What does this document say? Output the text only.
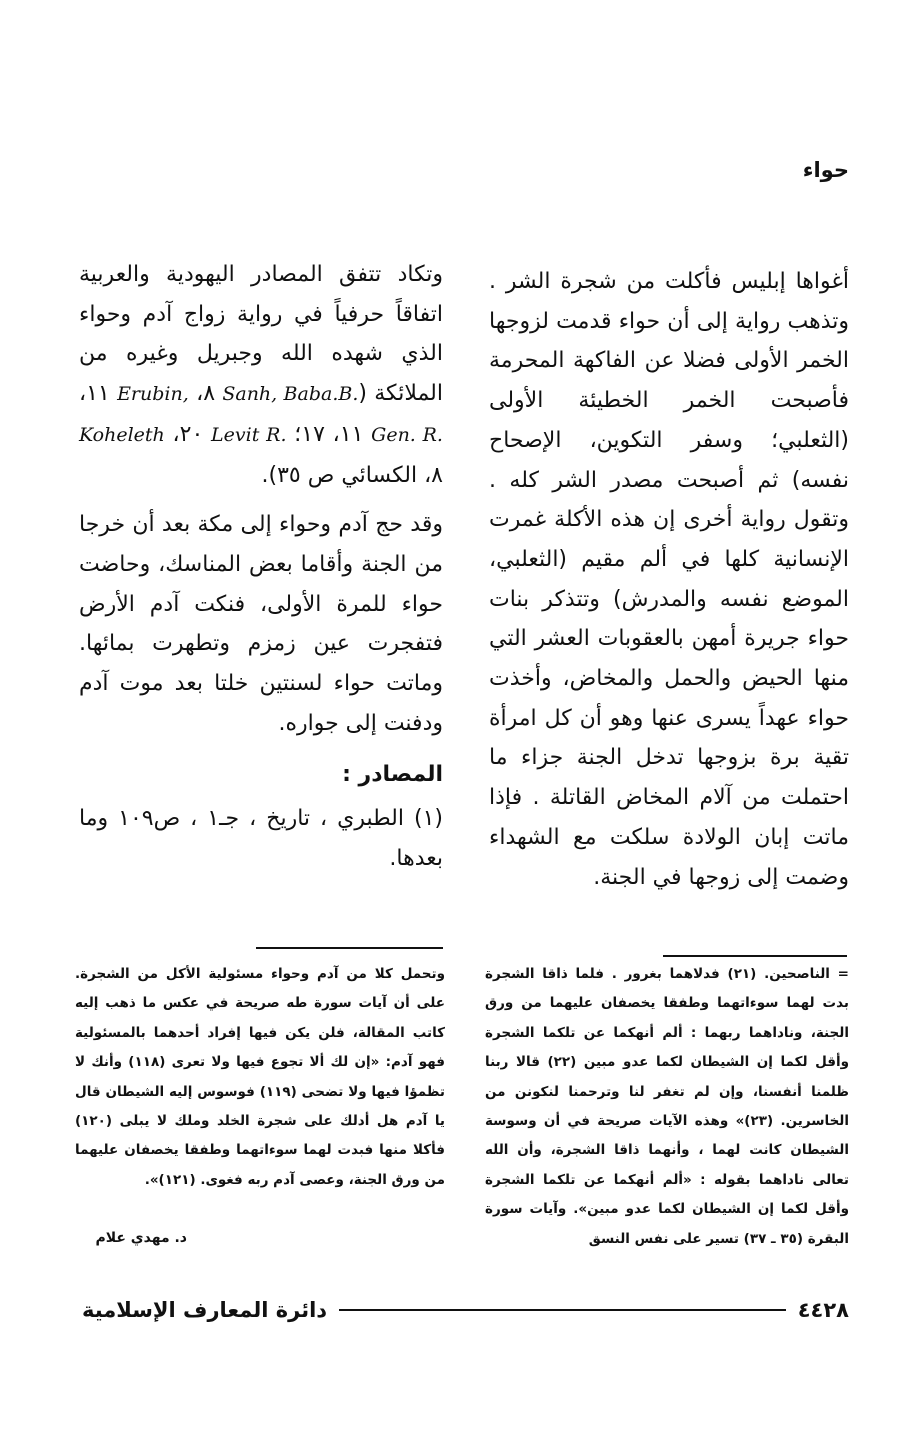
حواء

أغواها إبليس فأكلت من شجرة الشر . وتذهب رواية إلى أن حواء قدمت لزوجها الخمر الأولى فضلا عن الفاكهة المحرمة فأصبحت الخمر الخطيئة الأولى (الثعلبي؛ وسفر التكوين، الإصحاح نفسه) ثم أصبحت مصدر الشر كله . وتقول رواية أخرى إن هذه الأكلة غمرت الإنسانية كلها في ألم مقيم (الثعلبي، الموضع نفسه والمدرش) وتتذكر بنات حواء جريرة أمهن بالعقوبات العشر التي منها الحيض والحمل والمخاض، وأخذت حواء عهداً يسرى عنها وهو أن كل امرأة تقية برة بزوجها تدخل الجنة جزاء ما احتملت من آلام المخاض القاتلة . فإذا ماتت إبان الولادة سلكت مع الشهداء وضمت إلى زوجها في الجنة.

وتكاد تتفق المصادر اليهودية والعربية اتفاقاً حرفياً في رواية زواج آدم وحواء الذي شهده الله وجبريل وغيره من الملائكة (Sanh, Baba.B. ٨، Erubin, ١١، Gen. R. ١١، ١٧؛ Levit R. ٢٠، Koheleth ٨، الكسائي ص ٣٥).

وقد حج آدم وحواء إلى مكة بعد أن خرجا من الجنة وأقاما بعض المناسك، وحاضت حواء للمرة الأولى، فنكت آدم الأرض فتفجرت عين زمزم وتطهرت بمائها. وماتت حواء لسنتين خلتا بعد موت آدم ودفنت إلى جواره.

المصادر :

(١) الطبري ، تاريخ ، جـ١ ، ص١٠٩ وما بعدها.

= الناصحين. (٢١) فدلاهما بغرور . فلما ذاقا الشجرة بدت لهما سوءاتهما وطفقا يخصفان عليهما من ورق الجنة، وناداهما ربهما : ألم أنهكما عن تلكما الشجرة وأقل لكما إن الشيطان لكما عدو مبين (٢٢) قالا ربنا ظلمنا أنفسنا، وإن لم تغفر لنا وترحمنا لنكونن من الخاسرين. (٢٣)» وهذه الآيات صريحة في أن وسوسة الشيطان كانت لهما ، وأنهما ذاقا الشجرة، وأن الله تعالى ناداهما بقوله : «ألم أنهكما عن تلكما الشجرة وأقل لكما إن الشيطان لكما عدو مبين». وآيات سورة البقرة (٣٥ ـ ٣٧) تسير على نفس النسق

وتحمل كلا من آدم وحواء مسئولية الأكل من الشجرة. على أن آيات سورة طه صريحة في عكس ما ذهب إليه كاتب المقالة، فلن يكن فيها إفراد أحدهما بالمسئولية فهو آدم: «إن لك ألا تجوع فيها ولا تعرى (١١٨) وأنك لا تظمؤا فيها ولا تضحى (١١٩) فوسوس إليه الشيطان قال يا آدم هل أدلك على شجرة الخلد وملك لا يبلى (١٢٠) فأكلا منها فبدت لهما سوءاتهما وطفقا يخصفان عليهما من ورق الجنة، وعصى آدم ربه فغوى. (١٢١)».

د. مهدي علام

٤٤٢٨
دائرة المعارف الإسلامية
